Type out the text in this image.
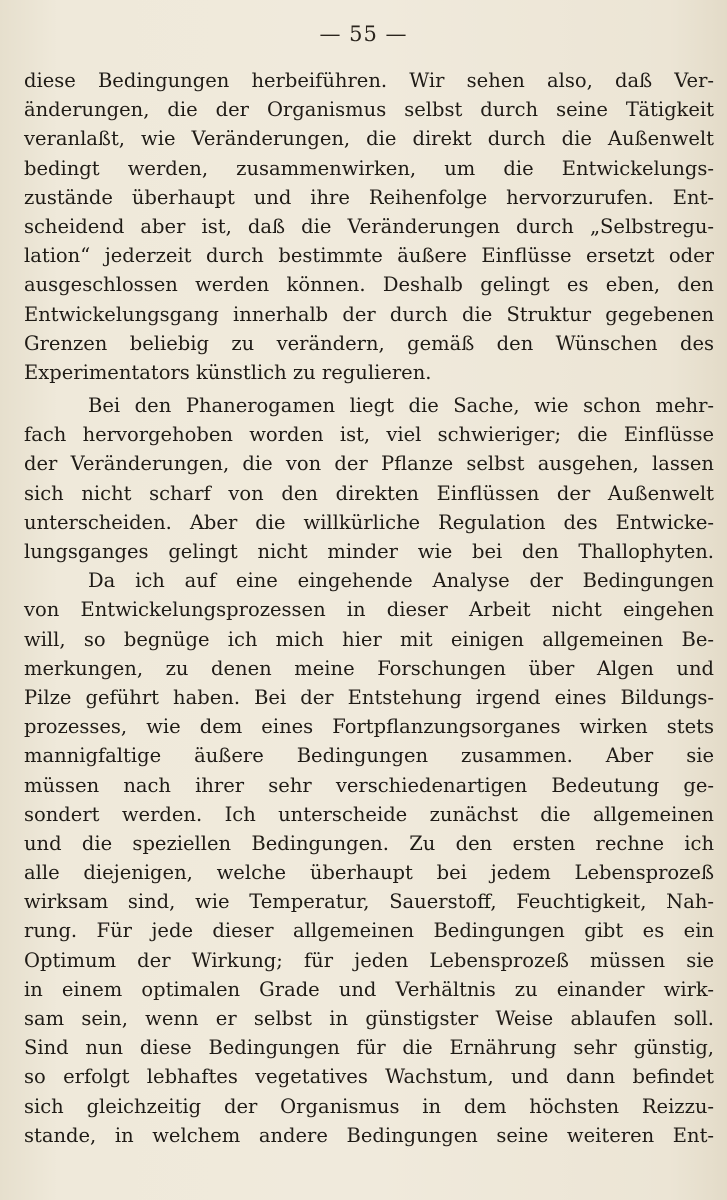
— 55 —
diese Bedingungen herbeiführen. Wir sehen also, daß Ver-
änderungen, die der Organismus selbst durch seine Tätigkeit
veranlaßt, wie Veränderungen, die direkt durch die Außenwelt
bedingt werden, zusammenwirken, um die Entwickelungs-
zustände überhaupt und ihre Reihenfolge hervorzurufen. Ent-
scheidend aber ist, daß die Veränderungen durch „Selbstregu-
lation“ jederzeit durch bestimmte äußere Einflüsse ersetzt oder
ausgeschlossen werden können. Deshalb gelingt es eben, den
Entwickelungsgang innerhalb der durch die Struktur gegebenen
Grenzen beliebig zu verändern, gemäß den Wünschen des
Experimentators künstlich zu regulieren.
Bei den Phanerogamen liegt die Sache, wie schon mehr-
fach hervorgehoben worden ist, viel schwieriger; die Einflüsse
der Veränderungen, die von der Pflanze selbst ausgehen, lassen
sich nicht scharf von den direkten Einflüssen der Außenwelt
unterscheiden. Aber die willkürliche Regulation des Entwicke-
lungsganges gelingt nicht minder wie bei den Thallophyten.
Da ich auf eine eingehende Analyse der Bedingungen
von Entwickelungsprozessen in dieser Arbeit nicht eingehen
will, so begnüge ich mich hier mit einigen allgemeinen Be-
merkungen, zu denen meine Forschungen über Algen und
Pilze geführt haben. Bei der Entstehung irgend eines Bildungs-
prozesses, wie dem eines Fortpflanzungsorganes wirken stets
mannigfaltige äußere Bedingungen zusammen. Aber sie
müssen nach ihrer sehr verschiedenartigen Bedeutung ge-
sondert werden. Ich unterscheide zunächst die allgemeinen
und die speziellen Bedingungen. Zu den ersten rechne ich
alle diejenigen, welche überhaupt bei jedem Lebensprozeß
wirksam sind, wie Temperatur, Sauerstoff, Feuchtigkeit, Nah-
rung. Für jede dieser allgemeinen Bedingungen gibt es ein
Optimum der Wirkung; für jeden Lebensprozeß müssen sie
in einem optimalen Grade und Verhältnis zu einander wirk-
sam sein, wenn er selbst in günstigster Weise ablaufen soll.
Sind nun diese Bedingungen für die Ernährung sehr günstig,
so erfolgt lebhaftes vegetatives Wachstum, und dann befindet
sich gleichzeitig der Organismus in dem höchsten Reizzu-
stande, in welchem andere Bedingungen seine weiteren Ent-
